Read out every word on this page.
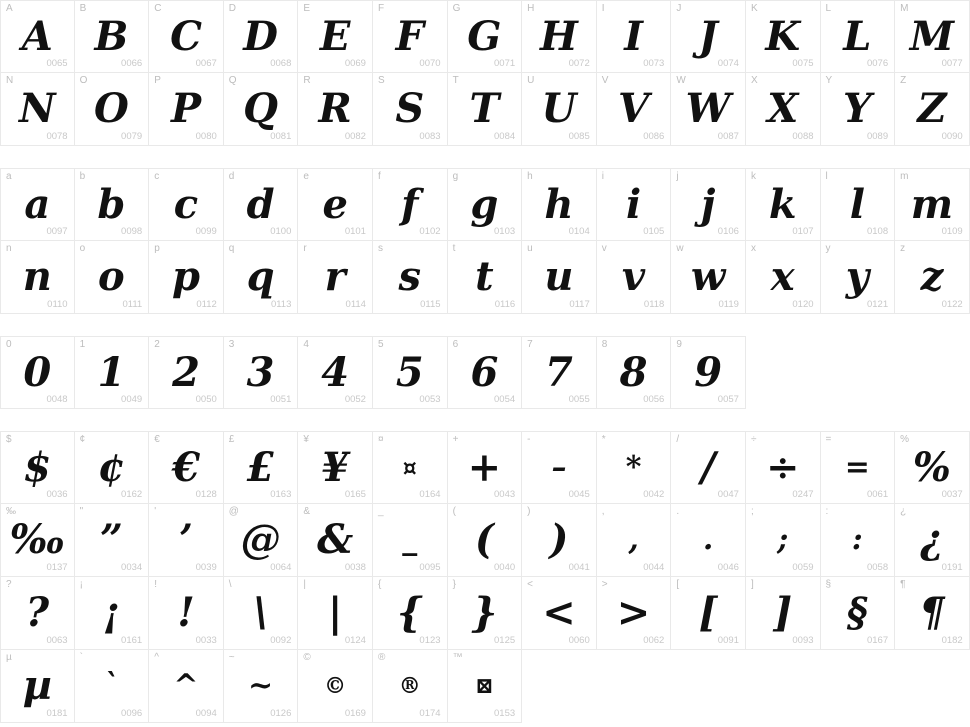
A
A
0065
B
B
0066
C
C
0067
D
D
0068
E
E
0069
F
F
0070
G
G
0071
H
H
0072
I
I
0073
J
J
0074
K
K
0075
L
L
0076
M
M
0077
N
N
0078
O
O
0079
P
P
0080
Q
Q
0081
R
R
0082
S
S
0083
T
T
0084
U
U
0085
V
V
0086
W
W
0087
X
X
0088
Y
Y
0089
Z
Z
0090
a
a
0097
b
b
0098
c
c
0099
d
d
0100
e
e
0101
f
f
0102
g
g
0103
h
h
0104
i
i
0105
j
j
0106
k
k
0107
l
l
0108
m
m
0109
n
n
0110
o
o
0111
p
p
0112
q
q
0113
r
r
0114
s
s
0115
t
t
0116
u
u
0117
v
v
0118
w
w
0119
x
x
0120
y
y
0121
z
z
0122
0
0
0048
1
1
0049
2
2
0050
3
3
0051
4
4
0052
5
5
0053
6
6
0054
7
7
0055
8
8
0056
9
9
0057
$
$
0036
¢
¢
0162
€
€
0128
£
£
0163
¥
¥
0165
¤
¤
0164
+
+
0043
-
–
0045
*
*
0042
/
/
0047
÷
÷
0247
=
=
0061
%
%
0037
‰
‰
0137
"
”
0034
'
’
0039
@
@
0064
&
&
0038
_
_
0095
(
(
0040
)
)
0041
,
,
0044
.
.
0046
;
;
0059
:
:
0058
¿
¿
0191
?
?
0063
¡
¡
0161
!
!
0033
\
\
0092
|
|
0124
{
{
0123
}
}
0125
<
<
0060
>
>
0062
[
[
0091
]
]
0093
§
§
0167
¶
¶
0182
µ
µ
0181
`
`
0096
^
^
0094
~
~
0126
©
©
0169
®
®
0174
™
⊠
0153
